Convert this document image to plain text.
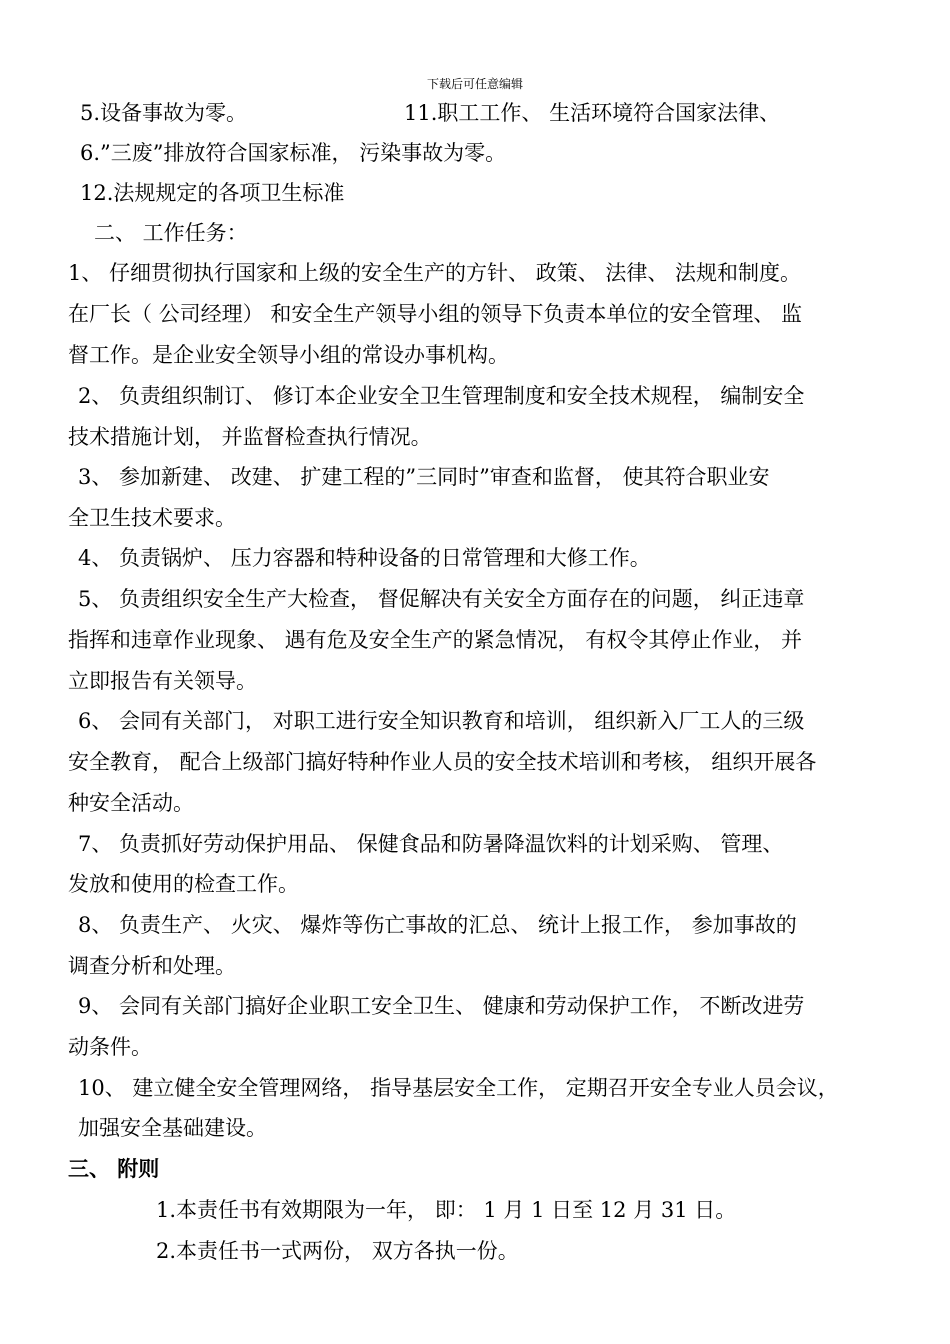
下载后可任意编辑
5.设备事故为零。	11.职工工作、 生活环境符合国家法律、
6.”三废”排放符合国家标准， 污染事故为零。
12.法规规定的各项卫生标准
二、 工作任务：
1、 仔细贯彻执行国家和上级的安全生产的方针、 政策、 法律、 法规和制度。
在厂长（ 公司经理） 和安全生产领导小组的领导下负责本单位的安全管理、 监
督工作。是企业安全领导小组的常设办事机构。
2、 负责组织制订、 修订本企业安全卫生管理制度和安全技术规程， 编制安全
技术措施计划， 并监督检查执行情况。
3、 参加新建、 改建、 扩建工程的”三同时”审查和监督， 使其符合职业安
全卫生技术要求。
4、 负责锅炉、 压力容器和特种设备的日常管理和大修工作。
5、 负责组织安全生产大检查， 督促解决有关安全方面存在的问题， 纠正违章
指挥和违章作业现象、 遇有危及安全生产的紧急情况， 有权令其停止作业， 并
立即报告有关领导。
6、 会同有关部门， 对职工进行安全知识教育和培训， 组织新入厂工人的三级
安全教育， 配合上级部门搞好特种作业人员的安全技术培训和考核， 组织开展各
种安全活动。
7、 负责抓好劳动保护用品、 保健食品和防暑降温饮料的计划采购、 管理、
发放和使用的检查工作。
8、 负责生产、 火灾、 爆炸等伤亡事故的汇总、 统计上报工作， 参加事故的
调查分析和处理。
9、 会同有关部门搞好企业职工安全卫生、 健康和劳动保护工作， 不断改进劳
动条件。
10、 建立健全安全管理网络， 指导基层安全工作， 定期召开安全专业人员会议，
加强安全基础建设。
三、 附则
1.本责任书有效期限为一年， 即： 1 月 1 日至 12 月 31 日。
2.本责任书一式两份， 双方各执一份。
